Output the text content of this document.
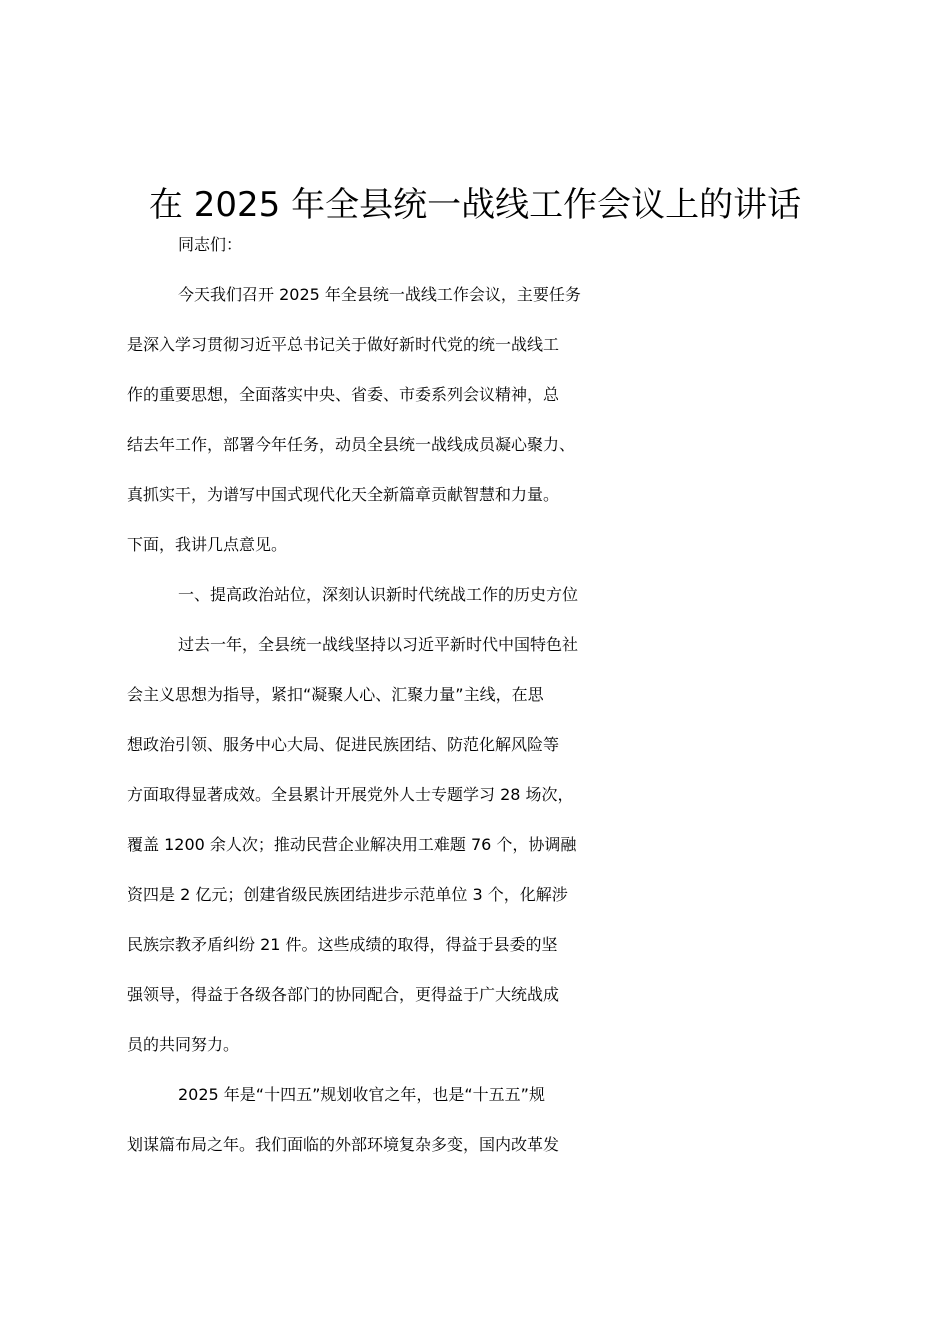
在 2025 年全县统一战线工作会议上的讲话
同志们：
今天我们召开 2025 年全县统一战线工作会议，主要任务
是深入学习贯彻习近平总书记关于做好新时代党的统一战线工
作的重要思想，全面落实中央、省委、市委系列会议精神，总
结去年工作，部署今年任务，动员全县统一战线成员凝心聚力、
真抓实干，为谱写中国式现代化天全新篇章贡献智慧和力量。
下面，我讲几点意见。
一、提高政治站位，深刻认识新时代统战工作的历史方位
过去一年，全县统一战线坚持以习近平新时代中国特色社
会主义思想为指导，紧扣“凝聚人心、汇聚力量”主线，在思
想政治引领、服务中心大局、促进民族团结、防范化解风险等
方面取得显著成效。全县累计开展党外人士专题学习 28 场次，
覆盖 1200 余人次；推动民营企业解决用工难题 76 个，协调融
资四是 2 亿元；创建省级民族团结进步示范单位 3 个，化解涉
民族宗教矛盾纠纷 21 件。这些成绩的取得，得益于县委的坚
强领导，得益于各级各部门的协同配合，更得益于广大统战成
员的共同努力。
2025 年是“十四五”规划收官之年，也是“十五五”规
划谋篇布局之年。我们面临的外部环境复杂多变，国内改革发
